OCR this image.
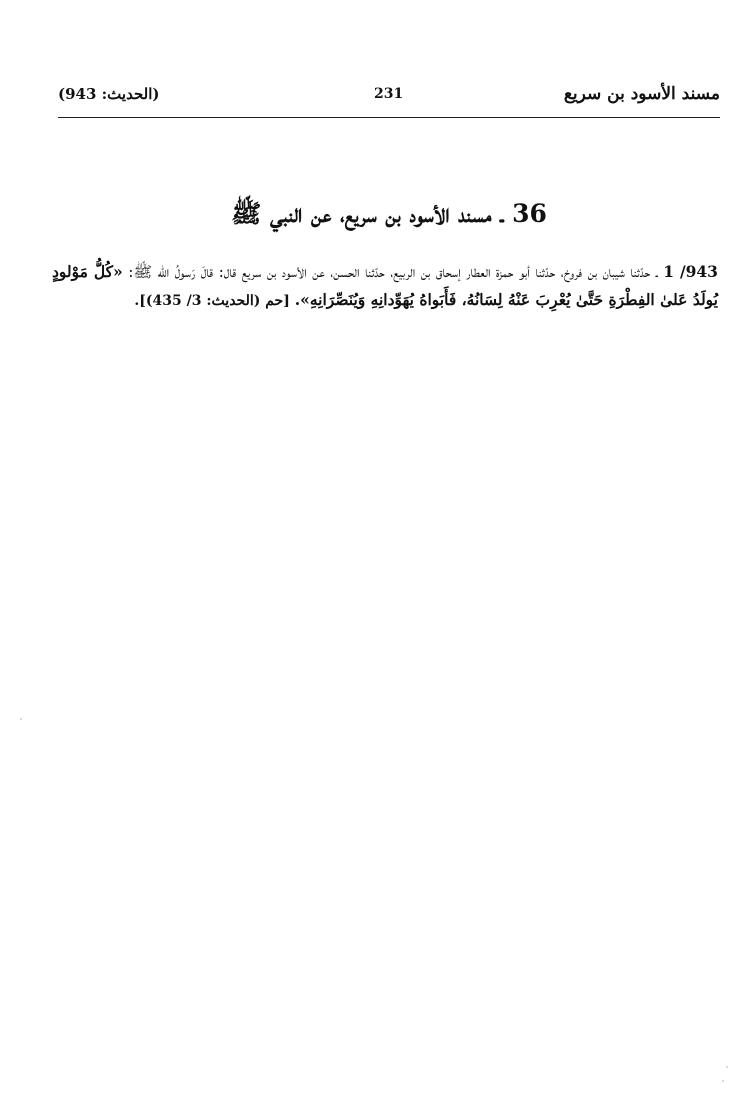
مسند الأسود بن سريع
231
(الحديث: 943)
36 ـ مسند الأسود بن سريع، عن النبي ﷺ
943/ 1 ـ حدّثنا شيبان بن فروخ، حدّثنا أبو حمزة العطار إسحاق بن الربيع، حدّثنا الحسن، عن الأسود بن سريع قال: قالَ رَسولُ الله ﷺ: «كُلُّ مَوْلودٍ يُولَدُ عَلىٰ الفِطْرَةِ حَتَّىٰ يُعْرِبَ عَنْهُ لِسَانُهُ، فَأَبَواهُ يُهَوِّدانِهِ وَيُنَصِّرَانِهِ». [حم (الحديث: 3/ 435)].
